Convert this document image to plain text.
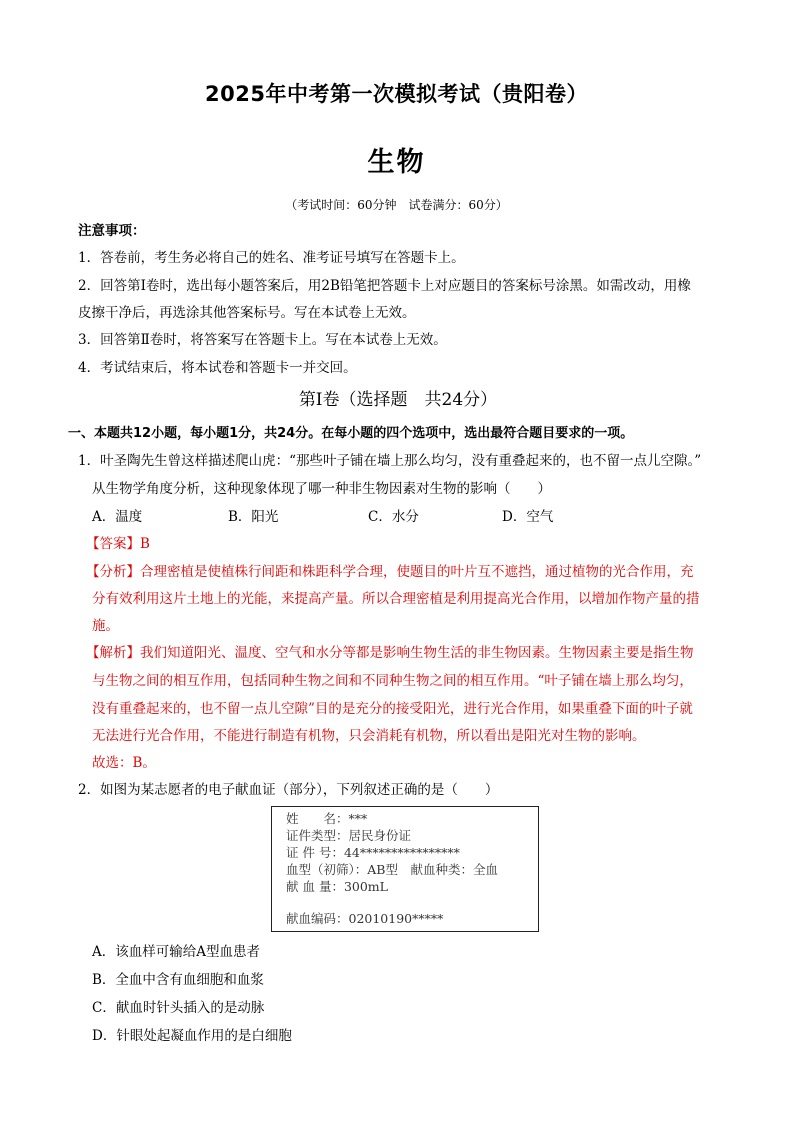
2025年中考第一次模拟考试（贵阳卷）
生物
（考试时间：60分钟　试卷满分：60分）
注意事项：
1．答卷前，考生务必将自己的姓名、准考证号填写在答题卡上。
2．回答第Ⅰ卷时，选出每小题答案后，用2B铅笔把答题卡上对应题目的答案标号涂黑。如需改动，用橡
皮擦干净后，再选涂其他答案标号。写在本试卷上无效。
3．回答第Ⅱ卷时，将答案写在答题卡上。写在本试卷上无效。
4．考试结束后，将本试卷和答题卡一并交回。
第Ⅰ卷（选择题　共24分）
一、本题共12小题，每小题1分，共24分。在每小题的四个选项中，选出最符合题目要求的一项。
1．叶圣陶先生曾这样描述爬山虎：“那些叶子铺在墙上那么均匀，没有重叠起来的，也不留一点儿空隙。”
从生物学角度分析，这种现象体现了哪一种非生物因素对生物的影响（　　）
A．温度	B．阳光	C．水分	D．空气
【答案】B
【分析】合理密植是使植株行间距和株距科学合理，使题目的叶片互不遮挡，通过植物的光合作用，充
分有效利用这片土地上的光能，来提高产量。所以合理密植是利用提高光合作用，以增加作物产量的措
施。
【解析】我们知道阳光、温度、空气和水分等都是影响生物生活的非生物因素。生物因素主要是指生物
与生物之间的相互作用，包括同种生物之间和不同种生物之间的相互作用。“叶子铺在墙上那么均匀，
没有重叠起来的，也不留一点儿空隙”目的是充分的接受阳光，进行光合作用，如果重叠下面的叶子就
无法进行光合作用，不能进行制造有机物，只会消耗有机物，所以看出是阳光对生物的影响。
故选：B。
2．如图为某志愿者的电子献血证（部分），下列叙述正确的是（　　）
A．该血样可输给A型血患者
B．全血中含有血细胞和血浆
C．献血时针头插入的是动脉
D．针眼处起凝血作用的是白细胞
姓　　名：***
证件类型：居民身份证
证 件 号：44****************
血型（初筛）：AB型　献血种类：全血
献 血 量：300mL
献血编码：02010190*****
